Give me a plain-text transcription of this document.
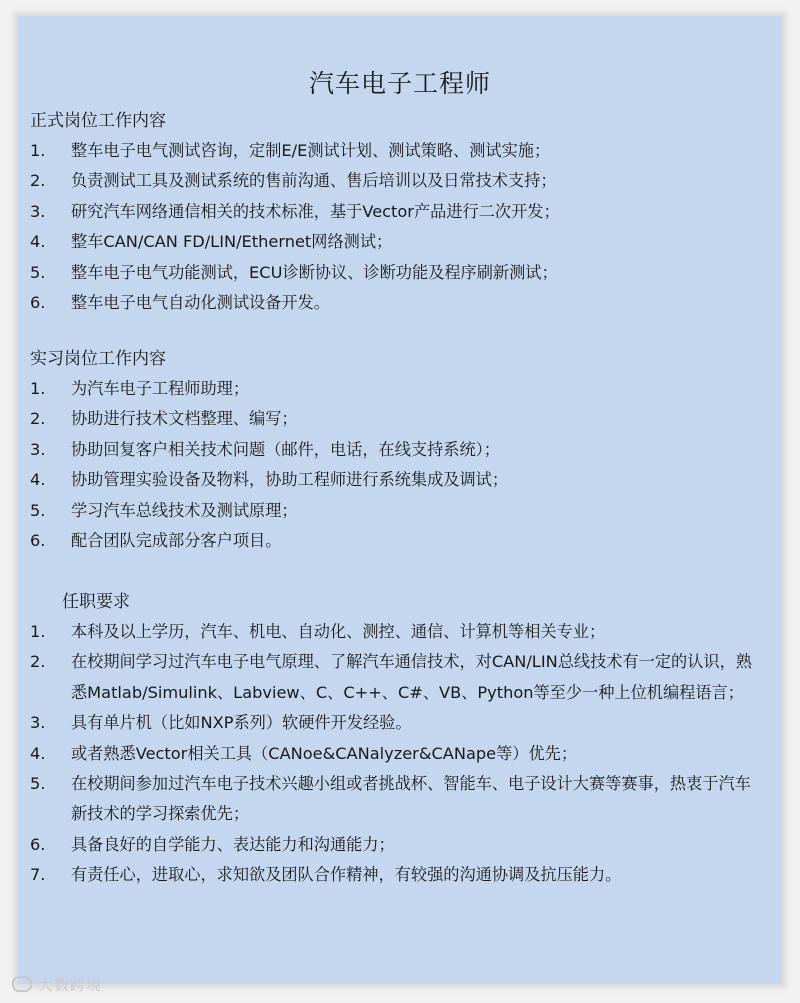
汽车电子工程师
正式岗位工作内容
1. 整车电子电气测试咨询，定制E/E测试计划、测试策略、测试实施；
2. 负责测试工具及测试系统的售前沟通、售后培训以及日常技术支持；
3. 研究汽车网络通信相关的技术标准，基于Vector产品进行二次开发；
4. 整车CAN/CAN FD/LIN/Ethernet网络测试；
5. 整车电子电气功能测试，ECU诊断协议、诊断功能及程序刷新测试；
6. 整车电子电气自动化测试设备开发。
实习岗位工作内容
1. 为汽车电子工程师助理；
2. 协助进行技术文档整理、编写；
3. 协助回复客户相关技术问题（邮件，电话，在线支持系统）；
4. 协助管理实验设备及物料，协助工程师进行系统集成及调试；
5. 学习汽车总线技术及测试原理；
6. 配合团队完成部分客户项目。
任职要求
1. 本科及以上学历，汽车、机电、自动化、测控、通信、计算机等相关专业；
2. 在校期间学习过汽车电子电气原理、了解汽车通信技术，对CAN/LIN总线技术有一定的认识，熟悉Matlab/Simulink、Labview、C、C++、C#、VB、Python等至少一种上位机编程语言；
3. 具有单片机（比如NXP系列）软硬件开发经验。
4. 或者熟悉Vector相关工具（CANoe&CANalyzer&CANape等）优先；
5. 在校期间参加过汽车电子技术兴趣小组或者挑战杯、智能车、电子设计大赛等赛事，热衷于汽车新技术的学习探索优先；
6. 具备良好的自学能力、表达能力和沟通能力；
7. 有责任心，进取心，求知欲及团队合作精神，有较强的沟通协调及抗压能力。
大数跨境
